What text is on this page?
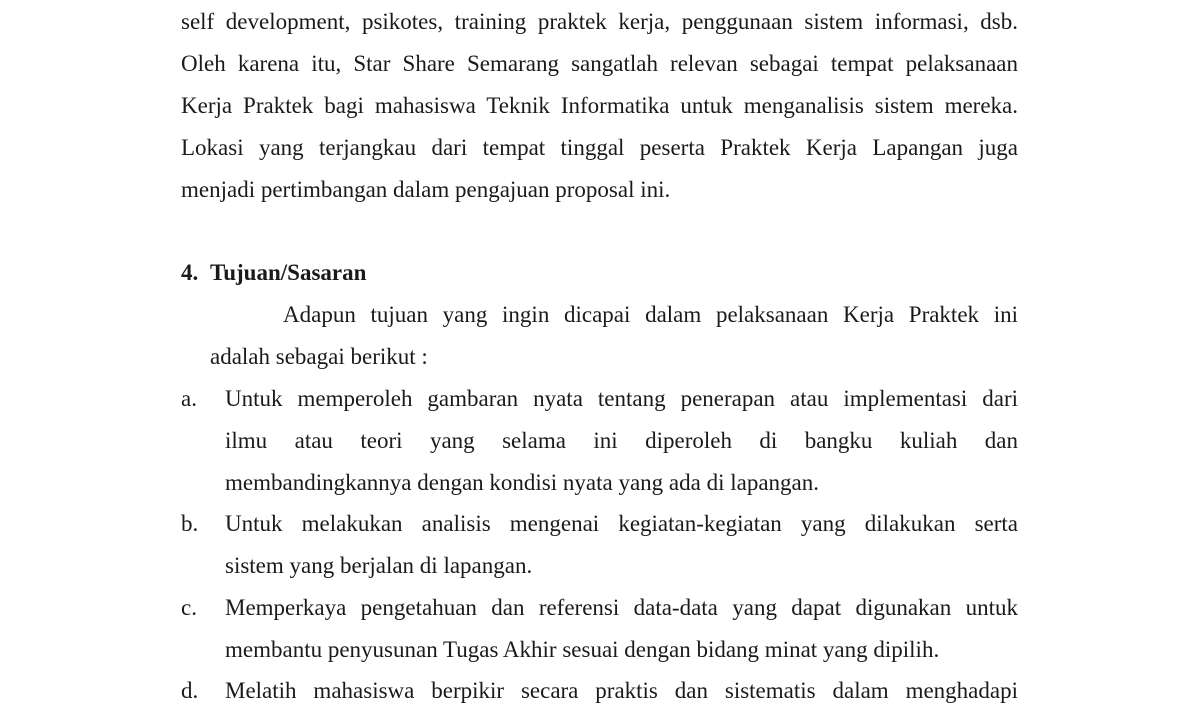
self development, psikotes, training praktek kerja, penggunaan sistem informasi, dsb.
Oleh karena itu, Star Share Semarang sangatlah relevan sebagai tempat pelaksanaan
Kerja Praktek bagi mahasiswa Teknik Informatika untuk menganalisis sistem mereka.
Lokasi yang terjangkau dari tempat tinggal peserta Praktek Kerja Lapangan juga
menjadi pertimbangan dalam pengajuan proposal ini.
4. Tujuan/Sasaran
Adapun tujuan yang ingin dicapai dalam pelaksanaan Kerja Praktek ini
adalah sebagai berikut :
a. Untuk memperoleh gambaran nyata tentang penerapan atau implementasi dari
ilmu atau teori yang selama ini diperoleh di bangku kuliah dan
membandingkannya dengan kondisi nyata yang ada di lapangan.
b. Untuk melakukan analisis mengenai kegiatan-kegiatan yang dilakukan serta
sistem yang berjalan di lapangan.
c. Memperkaya pengetahuan dan referensi data-data yang dapat digunakan untuk
membantu penyusunan Tugas Akhir sesuai dengan bidang minat yang dipilih.
d. Melatih mahasiswa berpikir secara praktis dan sistematis dalam menghadapi
